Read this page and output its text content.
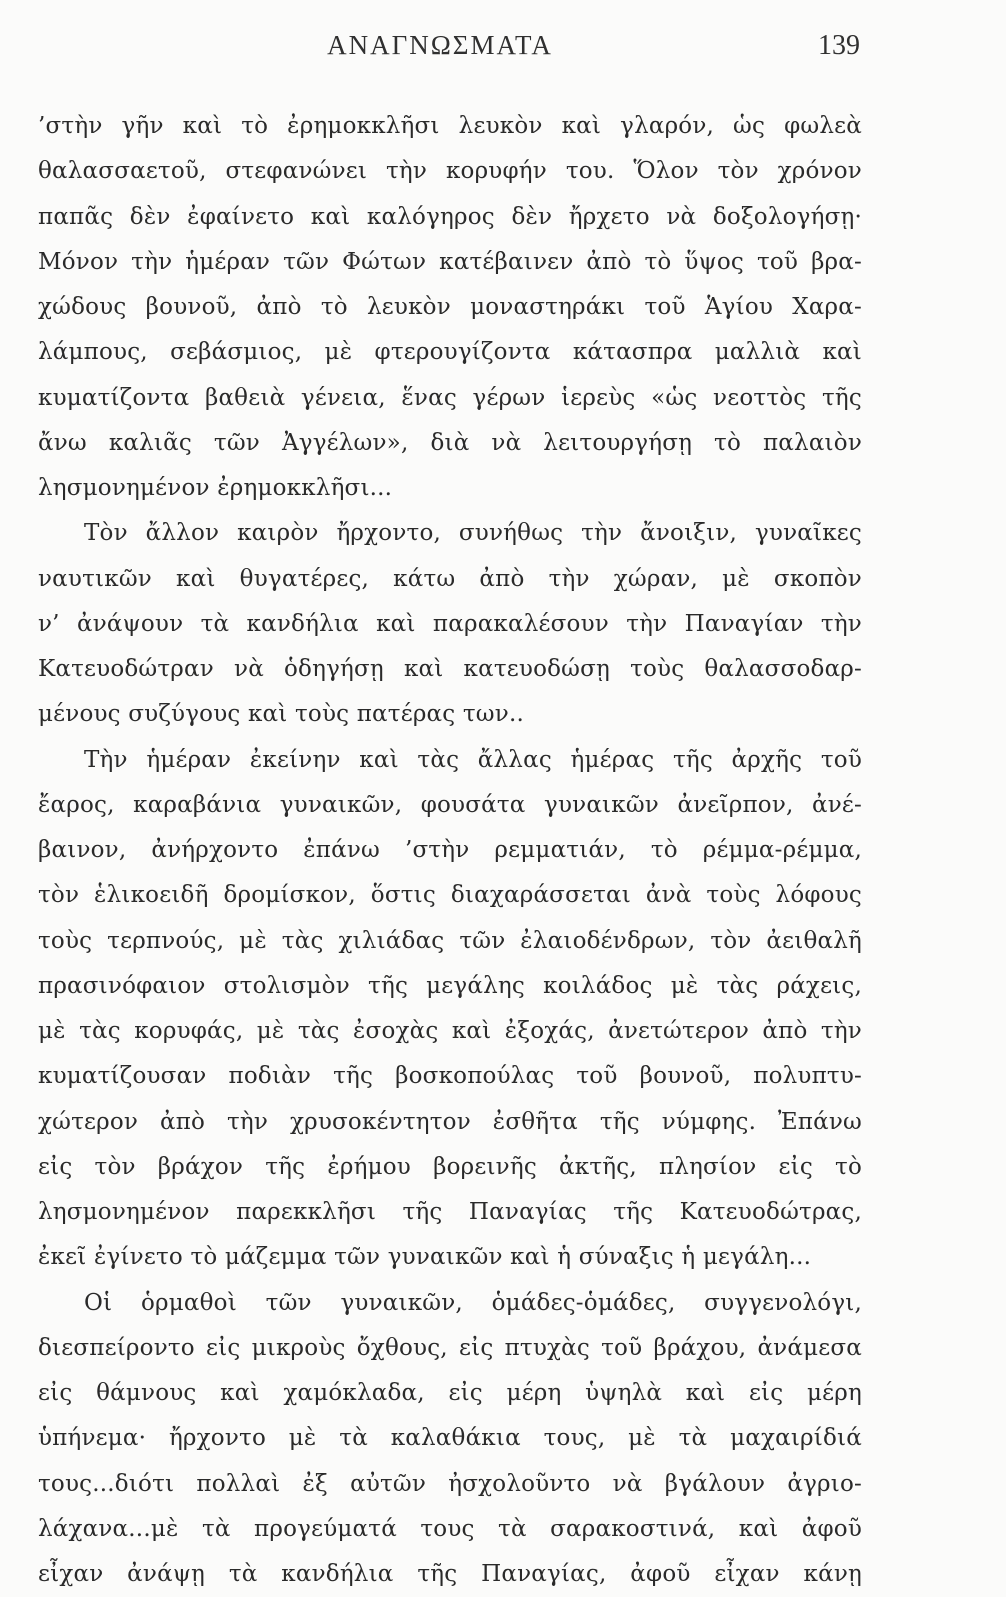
ΑΝΑΓΝΩΣΜΑΤΑ	139
’στὴν γῆν καὶ τὸ ἐρημοκκλῆσι λευκὸν καὶ γλαρόν, ὡς φωλεὰ
θαλασσαετοῦ, στεφανώνει τὴν κορυφήν του. Ὅλον τὸν χρόνον
παπᾶς δὲν ἐφαίνετο καὶ καλόγηρος δὲν ἤρχετο νὰ δοξολογήσῃ·
Μόνον τὴν ἡμέραν τῶν Φώτων κατέβαινεν ἀπὸ τὸ ὕψος τοῦ βρα-
χώδους βουνοῦ, ἀπὸ τὸ λευκὸν μοναστηράκι τοῦ Ἁγίου Χαρα-
λάμπους, σεβάσμιος, μὲ φτερουγίζοντα κάτασπρα μαλλιὰ καὶ
κυματίζοντα βαθειὰ γένεια, ἕνας γέρων ἱερεὺς «ὡς νεοττὸς τῆς
ἄνω καλιᾶς τῶν Ἀγγέλων», διὰ νὰ λειτουργήσῃ τὸ παλαιὸν
λησμονημένον ἐρημοκκλῆσι...
Τὸν ἄλλον καιρὸν ἤρχοντο, συνήθως τὴν ἄνοιξιν, γυναῖκες
ναυτικῶν καὶ θυγατέρες, κάτω ἀπὸ τὴν χώραν, μὲ σκοπὸν
ν’ ἀνάψουν τὰ κανδήλια καὶ παρακαλέσουν τὴν Παναγίαν τὴν
Κατευοδώτραν νὰ ὁδηγήσῃ καὶ κατευοδώσῃ τοὺς θαλασσοδαρ-
μένους συζύγους καὶ τοὺς πατέρας των..
Τὴν ἡμέραν ἐκείνην καὶ τὰς ἄλλας ἡμέρας τῆς ἀρχῆς τοῦ
ἔαρος, καραβάνια γυναικῶν, φουσάτα γυναικῶν ἀνεῖρπον, ἀνέ-
βαινον, ἀνήρχοντο ἐπάνω ’στὴν ρεμματιάν, τὸ ρέμμα-ρέμμα,
τὸν ἑλικοειδῆ δρομίσκον, ὅστις διαχαράσσεται ἀνὰ τοὺς λόφους
τοὺς τερπνούς, μὲ τὰς χιλιάδας τῶν ἐλαιοδένδρων, τὸν ἀειθαλῆ
πρασινόφαιον στολισμὸν τῆς μεγάλης κοιλάδος μὲ τὰς ράχεις,
μὲ τὰς κορυφάς, μὲ τὰς ἐσοχὰς καὶ ἐξοχάς, ἀνετώτερον ἀπὸ τὴν
κυματίζουσαν ποδιὰν τῆς βοσκοπούλας τοῦ βουνοῦ, πολυπτυ-
χώτερον ἀπὸ τὴν χρυσοκέντητον ἐσθῆτα τῆς νύμφης. Ἐπάνω
εἰς τὸν βράχον τῆς ἐρήμου βορεινῆς ἀκτῆς, πλησίον εἰς τὸ
λησμονημένον παρεκκλῆσι τῆς Παναγίας τῆς Κατευοδώτρας,
ἐκεῖ ἐγίνετο τὸ μάζεμμα τῶν γυναικῶν καὶ ἡ σύναξις ἡ μεγάλη...
Οἱ ὁρμαθοὶ τῶν γυναικῶν, ὁμάδες-ὁμάδες, συγγενολόγι,
διεσπείροντο εἰς μικροὺς ὄχθους, εἰς πτυχὰς τοῦ βράχου, ἀνάμεσα
εἰς θάμνους καὶ χαμόκλαδα, εἰς μέρη ὑψηλὰ καὶ εἰς μέρη
ὑπήνεμα· ἤρχοντο μὲ τὰ καλαθάκια τους, μὲ τὰ μαχαιρίδιά
τους...διότι πολλαὶ ἐξ αὐτῶν ἠσχολοῦντο νὰ βγάλουν ἀγριο-
λάχανα...μὲ τὰ προγεύματά τους τὰ σαρακοστινά, καὶ ἀφοῦ
εἶχαν ἀνάψῃ τὰ κανδήλια τῆς Παναγίας, ἀφοῦ εἶχαν κάνῃ
